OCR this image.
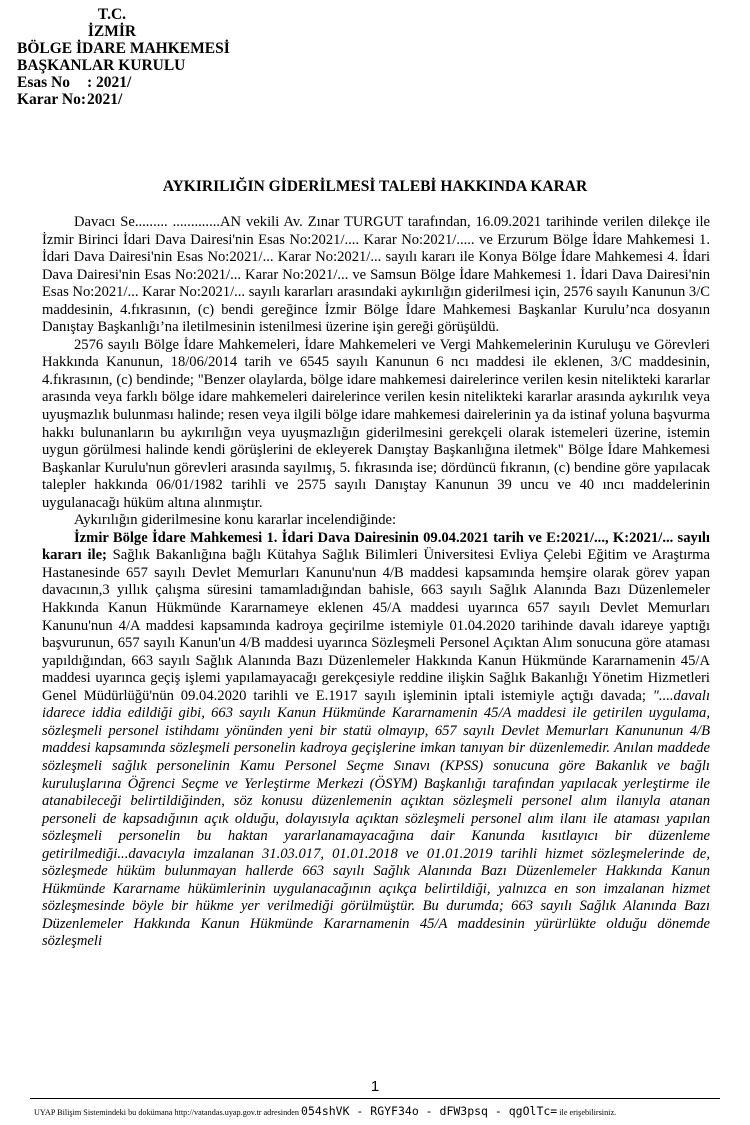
T.C.
İZMİR
BÖLGE İDARE MAHKEMESİ
BAŞKANLAR KURULU
Esas No : 2021/
Karar No:2021/
AYKIRILIĞIN GİDERİLMESİ TALEBİ HAKKINDA KARAR

Davacı Se......... .............AN vekili Av. Zınar TURGUT tarafından, 16.09.2021 tarihinde verilen dilekçe ile İzmir Birinci İdari Dava Dairesi'nin Esas No:2021/.... Karar No:2021/..... ve Erzurum Bölge İdare Mahkemesi 1. İdari Dava Dairesi'nin Esas No:2021/... Karar No:2021/... sayılı kararı ile Konya Bölge İdare Mahkemesi 4. İdari Dava Dairesi'nin Esas No:2021/... Karar No:2021/... ve Samsun Bölge İdare Mahkemesi 1. İdari Dava Dairesi'nin Esas No:2021/... Karar No:2021/... sayılı kararları arasındaki aykırılığın giderilmesi için, 2576 sayılı Kanunun 3/C maddesinin, 4.fıkrasının, (c) bendi gereğince İzmir Bölge İdare Mahkemesi Başkanlar Kurulu’nca dosyanın Danıştay Başkanlığı’na iletilmesinin istenilmesi üzerine işin gereği görüşüldü.

2576 sayılı Bölge İdare Mahkemeleri, İdare Mahkemeleri ve Vergi Mahkemelerinin Kuruluşu ve Görevleri Hakkında Kanunun, 18/06/2014 tarih ve 6545 sayılı Kanunun 6 ncı maddesi ile eklenen, 3/C maddesinin, 4.fıkrasının, (c) bendinde; "Benzer olaylarda, bölge idare mahkemesi dairelerince verilen kesin nitelikteki kararlar arasında veya farklı bölge idare mahkemeleri dairelerince verilen kesin nitelikteki kararlar arasında aykırılık veya uyuşmazlık bulunması halinde; resen veya ilgili bölge idare mahkemesi dairelerinin ya da istinaf yoluna başvurma hakkı bulunanların bu aykırılığın veya uyuşmazlığın giderilmesini gerekçeli olarak istemeleri üzerine, istemin uygun görülmesi halinde kendi görüşlerini de ekleyerek Danıştay Başkanlığına iletmek" Bölge İdare Mahkemesi Başkanlar Kurulu'nun görevleri arasında sayılmış, 5. fıkrasında ise; dördüncü fıkranın, (c) bendine göre yapılacak talepler hakkında 06/01/1982 tarihli ve 2575 sayılı Danıştay Kanunun 39 uncu ve 40 ıncı maddelerinin uygulanacağı hüküm altına alınmıştır.

Aykırılığın giderilmesine konu kararlar incelendiğinde:

İzmir Bölge İdare Mahkemesi 1. İdari Dava Dairesinin 09.04.2021 tarih ve E:2021/..., K:2021/... sayılı kararı ile; Sağlık Bakanlığına bağlı Kütahya Sağlık Bilimleri Üniversitesi Evliya Çelebi Eğitim ve Araştırma Hastanesinde 657 sayılı Devlet Memurları Kanunu'nun 4/B maddesi kapsamında hemşire olarak görev yapan davacının,3 yıllık çalışma süresini tamamladığından bahisle, 663 sayılı Sağlık Alanında Bazı Düzenlemeler Hakkında Kanun Hükmünde Kararnameye eklenen 45/A maddesi uyarınca 657 sayılı Devlet Memurları Kanunu'nun 4/A maddesi kapsamında kadroya geçirilme istemiyle 01.04.2020 tarihinde davalı idareye yaptığı başvurunun, 657 sayılı Kanun'un 4/B maddesi uyarınca Sözleşmeli Personel Açıktan Alım sonucuna göre ataması yapıldığından, 663 sayılı Sağlık Alanında Bazı Düzenlemeler Hakkında Kanun Hükmünde Kararnamenin 45/A maddesi uyarınca geçiş işlemi yapılamayacağı gerekçesiyle reddine ilişkin Sağlık Bakanlığı Yönetim Hizmetleri Genel Müdürlüğü'nün 09.04.2020 tarihli ve E.1917 sayılı işleminin iptali istemiyle açtığı davada; "....davalı idarece iddia edildiği gibi, 663 sayılı Kanun Hükmünde Kararnamenin 45/A maddesi ile getirilen uygulama, sözleşmeli personel istihdamı yönünden yeni bir statü olmayıp, 657 sayılı Devlet Memurları Kanununun 4/B maddesi kapsamında sözleşmeli personelin kadroya geçişlerine imkan tanıyan bir düzenlemedir. Anılan maddede sözleşmeli sağlık personelinin Kamu Personel Seçme Sınavı (KPSS) sonucuna göre Bakanlık ve bağlı kuruluşlarına Öğrenci Seçme ve Yerleştirme Merkezi (ÖSYM) Başkanlığı tarafından yapılacak yerleştirme ile atanabileceği belirtildiğinden, söz konusu düzenlemenin açıktan sözleşmeli personel alım ilanıyla atanan personeli de kapsadığının açık olduğu, dolayısıyla açıktan sözleşmeli personel alım ilanı ile ataması yapılan sözleşmeli personelin bu haktan yararlanamayacağına dair Kanunda kısıtlayıcı bir düzenleme getirilmediği...davacıyla imzalanan 31.03.017, 01.01.2018 ve 01.01.2019 tarihli hizmet sözleşmelerinde de, sözleşmede hüküm bulunmayan hallerde 663 sayılı Sağlık Alanında Bazı Düzenlemeler Hakkında Kanun Hükmünde Kararname hükümlerinin uygulanacağının açıkça belirtildiği, yalnızca en son imzalanan hizmet sözleşmesinde böyle bir hükme yer verilmediği görülmüştür. Bu durumda; 663 sayılı Sağlık Alanında Bazı Düzenlemeler Hakkında Kanun Hükmünde Kararnamenin 45/A maddesinin yürürlükte olduğu dönemde sözleşmeli

1
UYAP Bilişim Sistemindeki bu dokümana http://vatandas.uyap.gov.tr adresinden 054shVK - RGYF34o - dFW3psq - qgOlTc= ile erişebilirsiniz.
